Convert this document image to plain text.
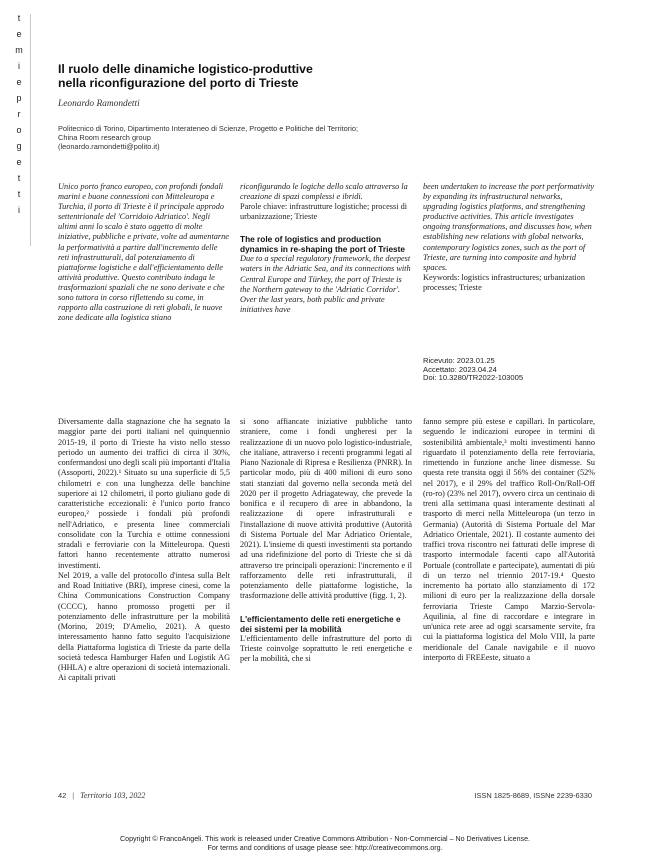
t
e
m
i
e
p
r
o
g
e
t
t
i
Il ruolo delle dinamiche logistico-produttive
nella riconfigurazione del porto di Trieste
Leonardo Ramondetti
Politecnico di Torino, Dipartimento Interateneo di Scienze, Progetto e Politiche del Territorio;
China Room research group
(leonardo.ramondetti@polito.it)
Unico porto franco europeo, con profondi fondali marini e buone connessioni con Mitteleuropa e Turchia, il porto di Trieste è il principale approdo settentrionale del 'Corridoio Adriatico'. Negli ultimi anni lo scalo è stato oggetto di molte iniziative, pubbliche e private, volte ad aumentarne la performatività a partire dall'incremento delle reti infrastrutturali, dal potenziamento di piattaforme logistiche e dall'efficientamento delle attività produttive. Questo contributo indaga le trasformazioni spaziali che ne sono derivate e che sono tuttora in corso riflettendo su come, in rapporto alla costruzione di reti globali, le nuove zone dedicate alla logistica stiano
riconfigurando le logiche dello scalo attraverso la creazione di spazi complessi e ibridi.
Parole chiave: infrastrutture logistiche; processi di urbanizzazione; Trieste
The role of logistics and production dynamics in re-shaping the port of Trieste
Due to a special regulatory framework, the deepest waters in the Adriatic Sea, and its connections with Central Europe and Türkey, the port of Trieste is the Northern gateway to the 'Adriatic Corridor'. Over the last years, both public and private initiatives have
been undertaken to increase the port performativity by expanding its infrastructural networks, upgrading logistics platforms, and strengthening productive activities. This article investigates ongoing transformations, and discusses how, when establishing new relations with global networks, contemporary logistics zones, such as the port of Trieste, are turning into composite and hybrid spaces.
Keywords: logistics infrastructures; urbanization processes; Trieste
Ricevuto: 2023.01.25
Accettato: 2023.04.24
Doi: 10.3280/TR2022-103005

Diversamente dalla stagnazione che ha segnato la maggior parte dei porti italiani nel quinquennio 2015-19, il porto di Trieste ha visto nello stesso periodo un aumento dei traffici di circa il 30%, confermandosi uno degli scali più importanti d'Italia (Assoporti, 2022).¹ Situato su una superficie di 5,5 chilometri e con una lunghezza delle banchine superiore ai 12 chilometri, il porto giuliano gode di caratteristiche eccezionali: è l'unico porto franco europeo,² possiede i fondali più profondi nell'Adriatico, e presenta linee commerciali consolidate con la Turchia e ottime connessioni stradali e ferroviarie con la Mitteleuropa. Questi fattori hanno recentemente attratto numerosi investimenti.

Nel 2019, a valle del protocollo d'intesa sulla Belt and Road Initiative (BRI), imprese cinesi, come la China Communications Construction Company (CCCC), hanno promosso progetti per il potenziamento delle infrastrutture per la mobilità (Morino, 2019; D'Amelio, 2021). A questo interessamento hanno fatto seguito l'acquisizione della Piattaforma logistica di Trieste da parte della società tedesca Hamburger Hafen und Logistik AG (HHLA) e altre operazioni di società internazionali. Ai capitali privati

si sono affiancate iniziative pubbliche tanto straniere, come i fondi ungheresi per la realizzazione di un nuovo polo logistico-industriale, che italiane, attraverso i recenti programmi legati al Piano Nazionale di Ripresa e Resilienza (PNRR). In particolar modo, più di 400 milioni di euro sono stati stanziati dal governo nella seconda metà del 2020 per il progetto Adriagateway, che prevede la bonifica e il recupero di aree in abbandono, la realizzazione di opere infrastrutturali e l'installazione di nuove attività produttive (Autorità di Sistema Portuale del Mar Adriatico Orientale, 2021). L'insieme di questi investimenti sta portando ad una ridefinizione del porto di Trieste che si dà attraverso tre principali operazioni: l'incremento e il rafforzamento delle reti infrastrutturali, il potenziamento delle piattaforme logistiche, la trasformazione delle attività produttive (figg. 1, 2).

L'efficientamento delle reti energetiche e dei sistemi per la mobilità

L'efficientamento delle infrastrutture del porto di Trieste coinvolge soprattutto le reti energetiche e per la mobilità, che si

fanno sempre più estese e capillari. In particolare, seguendo le indicazioni europee in termini di sostenibilità ambientale,³ molti investimenti hanno riguardato il potenziamento della rete ferroviaria, rimettendo in funzione anche linee dismesse. Su questa rete transita oggi il 56% dei container (52% nel 2017), e il 29% del traffico Roll-On/Roll-Off (ro-ro) (23% nel 2017), ovvero circa un centinaio di treni alla settimana quasi interamente destinati al trasporto di merci nella Mitteleuropa (un terzo in Germania) (Autorità di Sistema Portuale del Mar Adriatico Orientale, 2021). Il costante aumento dei traffici trova riscontro nei fatturati delle imprese di trasporto intermodale facenti capo all'Autorità Portuale (controllate e partecipate), aumentati di più di un terzo nel triennio 2017-19.⁴ Questo incremento ha portato allo stanziamento di 172 milioni di euro per la realizzazione della dorsale ferroviaria Trieste Campo Marzio-Servola-Aquilinia, al fine di raccordare e integrare in un'unica rete aree ad oggi scarsamente servite, fra cui la piattaforma logistica del Molo VIII, la parte meridionale del Canale navigabile e il nuovo interporto di FREEeste, situato a

42 | Territorio 103, 2022	ISSN 1825-8689, ISSNe 2239-6330
Copyright © FrancoAngeli. This work is released under Creative Commons Attribution - Non-Commercial – No Derivatives License.
For terms and conditions of usage please see: http://creativecommons.org.
